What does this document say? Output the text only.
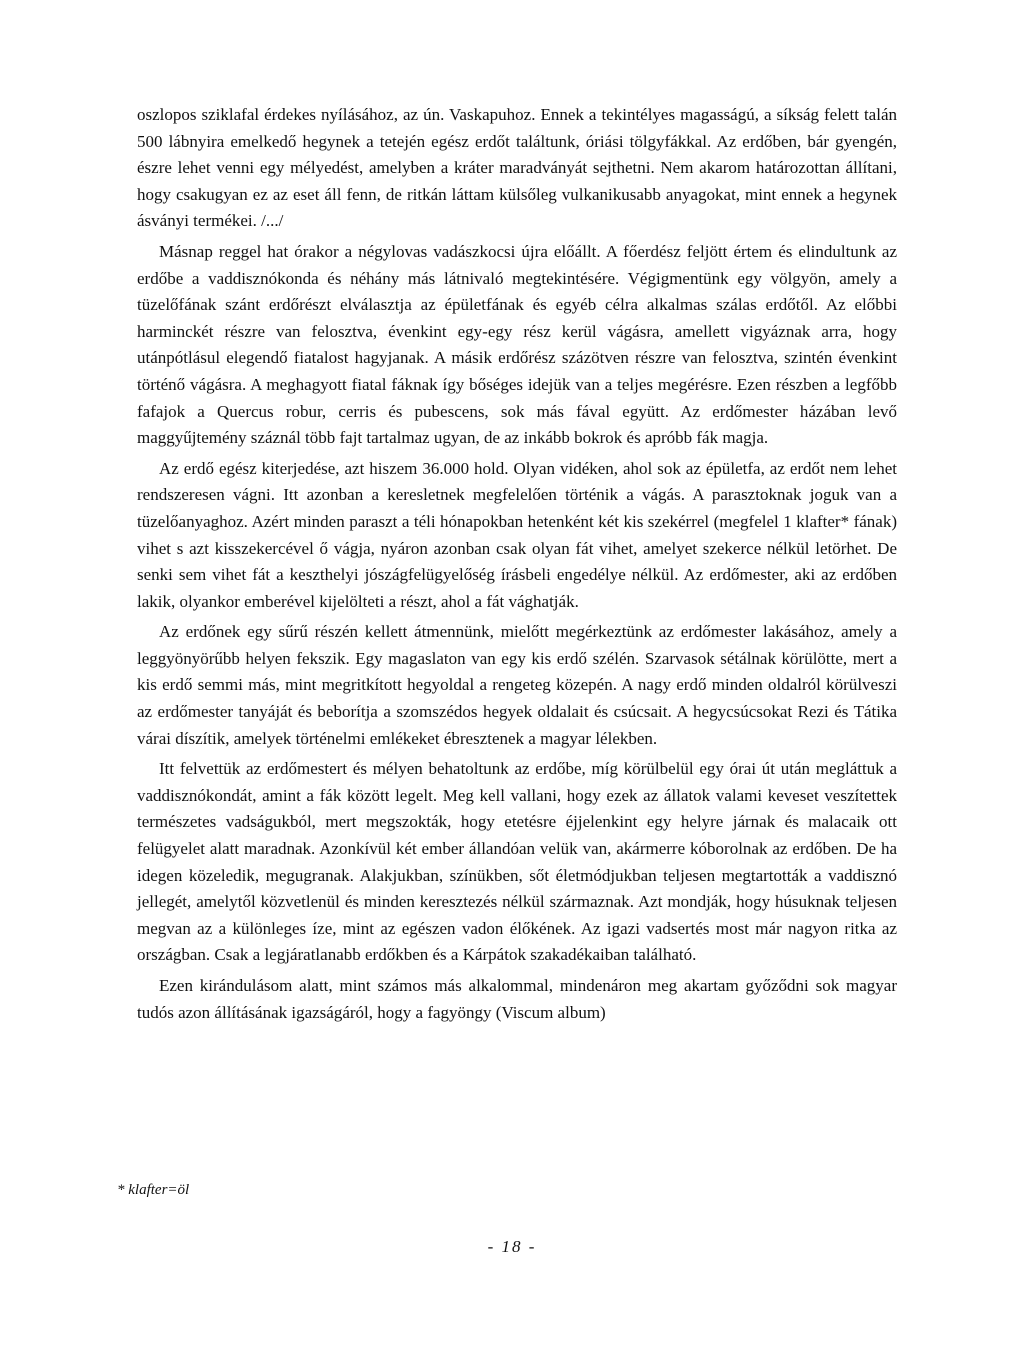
oszlopos sziklafal érdekes nyílásához, az ún. Vaskapuhoz. Ennek a tekintélyes magasságú, a síkság felett talán 500 lábnyira emelkedő hegynek a tetején egész erdőt találtunk, óriási tölgyfákkal. Az erdőben, bár gyengén, észre lehet venni egy mélyedést, amelyben a kráter maradványát sejthetni. Nem akarom határozottan állítani, hogy csakugyan ez az eset áll fenn, de ritkán láttam külsőleg vulkanikusabb anyagokat, mint ennek a hegynek ásványi termékei. /.../

Másnap reggel hat órakor a négylovas vadászkocsi újra előállt. A főerdész feljött értem és elindultunk az erdőbe a vaddisznókonda és néhány más látnivaló megtekintésére. Végigmentünk egy völgyön, amely a tüzelőfának szánt erdőrészt elválasztja az épületfának és egyéb célra alkalmas szálas erdőtől. Az előbbi harminckét részre van felosztva, évenkint egy-egy rész kerül vágásra, amellett vigyáznak arra, hogy utánpótlásul elegendő fiatalost hagyjanak. A másik erdőrész százötven részre van felosztva, szintén évenkint történő vágásra. A meghagyott fiatal fáknak így bőséges idejük van a teljes megérésre. Ezen részben a legfőbb fafajok a Quercus robur, cerris és pubescens, sok más fával együtt. Az erdőmester házában levő maggyűjtemény száznál több fajt tartalmaz ugyan, de az inkább bokrok és apróbb fák magja.

Az erdő egész kiterjedése, azt hiszem 36.000 hold. Olyan vidéken, ahol sok az épületfa, az erdőt nem lehet rendszeresen vágni. Itt azonban a keresletnek megfelelően történik a vágás. A parasztoknak joguk van a tüzelőanyaghoz. Azért minden paraszt a téli hónapokban hetenként két kis szekérrel (megfelel 1 klafter* fának) vihet s azt kisszekercével ő vágja, nyáron azonban csak olyan fát vihet, amelyet szekerce nélkül letörhet. De senki sem vihet fát a keszthelyi jószágfelügyelőség írásbeli engedélye nélkül. Az erdőmester, aki az erdőben lakik, olyankor emberével kijelölteti a részt, ahol a fát vághatják.

Az erdőnek egy sűrű részén kellett átmennünk, mielőtt megérkeztünk az erdőmester lakásához, amely a leggyönyörűbb helyen fekszik. Egy magaslaton van egy kis erdő szélén. Szarvasok sétálnak körülötte, mert a kis erdő semmi más, mint megritkított hegyoldal a rengeteg közepén. A nagy erdő minden oldalról körülveszi az erdőmester tanyáját és beborítja a szomszédos hegyek oldalait és csúcsait. A hegycsúcsokat Rezi és Tátika várai díszítik, amelyek történelmi emlékeket ébresztenek a magyar lélekben.

Itt felvettük az erdőmestert és mélyen behatoltunk az erdőbe, míg körülbelül egy órai út után megláttuk a vaddisznókondát, amint a fák között legelt. Meg kell vallani, hogy ezek az állatok valami keveset veszítettek természetes vadságukból, mert megszokták, hogy etetésre éjjelenkint egy helyre járnak és malacaik ott felügyelet alatt maradnak. Azonkívül két ember állandóan velük van, akármerre kóborolnak az erdőben. De ha idegen közeledik, megugranak. Alakjukban, színükben, sőt életmódjukban teljesen megtartották a vaddisznó jellegét, amelytől közvetlenül és minden keresztezés nélkül származnak. Azt mondják, hogy húsuknak teljesen megvan az a különleges íze, mint az egészen vadon élőkének. Az igazi vadsertés most már nagyon ritka az országban. Csak a legjáratlanabb erdőkben és a Kárpátok szakadékaiban található.

Ezen kirándulásom alatt, mint számos más alkalommal, mindenáron meg akartam győződni sok magyar tudós azon állításának igazságáról, hogy a fagyöngy (Viscum album)

* klafter=öl
- 18 -
